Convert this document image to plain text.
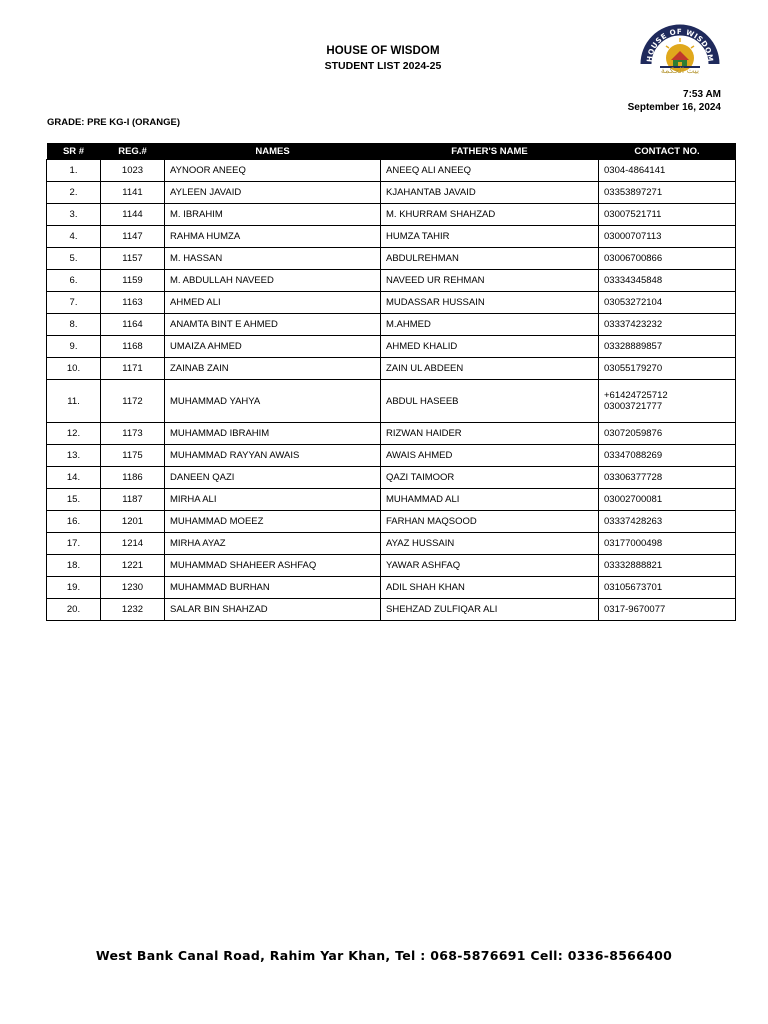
HOUSE OF WISDOM
STUDENT LIST 2024-25
HOUSE OF WISDOM
بيت الحكمة
7:53 AM
September 16, 2024
GRADE: PRE KG-I (ORANGE)
SR #	REG.#	NAMES	FATHER'S NAME	CONTACT NO.
1.	1023	AYNOOR ANEEQ	ANEEQ ALI ANEEQ	0304-4864141

2.	1141	AYLEEN JAVAID	KJAHANTAB JAVAID	03353897271

3.	1144	M. IBRAHIM	M. KHURRAM SHAHZAD	03007521711

4.	1147	RAHMA HUMZA	HUMZA TAHIR	03000707113

5.	1157	M. HASSAN	ABDULREHMAN	03006700866

6.	1159	M. ABDULLAH NAVEED	NAVEED UR REHMAN	03334345848

7.	1163	AHMED ALI	MUDASSAR HUSSAIN	03053272104

8.	1164	ANAMTA BINT E AHMED	M.AHMED	03337423232

9.	1168	UMAIZA AHMED	AHMED KHALID	03328889857

10.	1171	ZAINAB ZAIN	ZAIN UL ABDEEN	03055179270

11.	1172	MUHAMMAD YAHYA	ABDUL HASEEB	+61424725712
03003721777

12.	1173	MUHAMMAD IBRAHIM	RIZWAN HAIDER	03072059876

13.	1175	MUHAMMAD RAYYAN AWAIS	AWAIS AHMED	03347088269

14.	1186	DANEEN QAZI	QAZI TAIMOOR	03306377728

15.	1187	MIRHA ALI	MUHAMMAD ALI	03002700081

16.	1201	MUHAMMAD MOEEZ	FARHAN MAQSOOD	03337428263

17.	1214	MIRHA AYAZ	AYAZ HUSSAIN	03177000498

18.	1221	MUHAMMAD SHAHEER ASHFAQ	YAWAR ASHFAQ	03332888821

19.	1230	MUHAMMAD BURHAN	ADIL SHAH KHAN	03105673701

20.	1232	SALAR BIN SHAHZAD	SHEHZAD ZULFIQAR ALI	0317-9670077
West Bank Canal Road, Rahim Yar Khan, Tel : 068-5876691 Cell: 0336-8566400
